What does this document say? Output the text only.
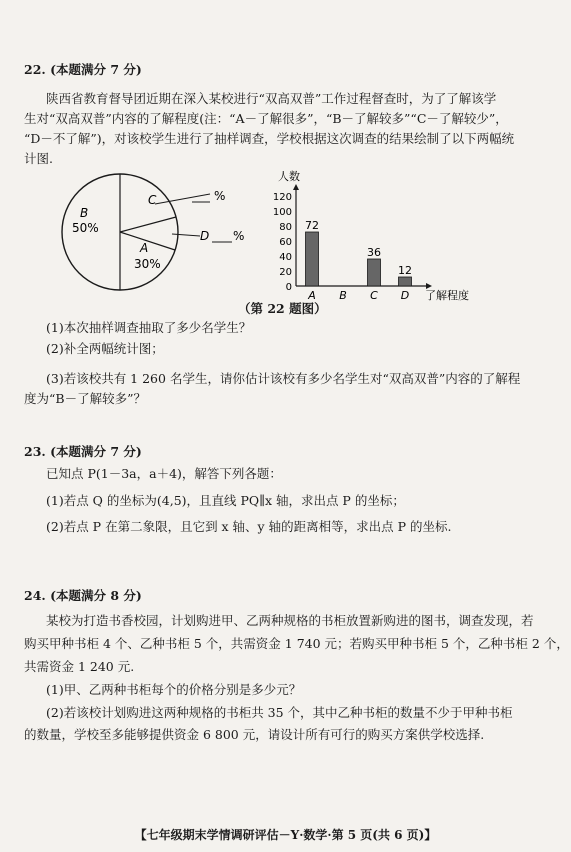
22. (本题满分 7 分)
陕西省教育督导团近期在深入某校进行“双高双普”工作过程督查时，为了了解该学
生对“双高双普”内容的了解程度(注：“A－了解很多”，“B－了解较多”“C－了解较少”，
“D－不了解”)，对该校学生进行了抽样调查，学校根据这次调查的结果绘制了以下两幅统
计图.
B
50%
A
30%
C	%
D %
人数
120
100
80
60
40
20
0
72
A B
36
C
12
D 了解程度
（第 22 题图）
(1)本次抽样调查抽取了多少名学生？
(2)补全两幅统计图；
(3)若该校共有 1 260 名学生，请你估计该校有多少名学生对“双高双普”内容的了解程
度为“B－了解较多”？
23. (本题满分 7 分)
已知点 P(1－3a，a＋4)，解答下列各题：
(1)若点 Q 的坐标为(4,5)，且直线 PQ∥x 轴，求出点 P 的坐标；
(2)若点 P 在第二象限，且它到 x 轴、y 轴的距离相等，求出点 P 的坐标.
24. (本题满分 8 分)
某校为打造书香校园，计划购进甲、乙两种规格的书柜放置新购进的图书，调查发现，若
购买甲种书柜 4 个、乙种书柜 5 个，共需资金 1 740 元；若购买甲种书柜 5 个，乙种书柜 2 个，
共需资金 1 240 元.
(1)甲、乙两种书柜每个的价格分别是多少元？
(2)若该校计划购进这两种规格的书柜共 35 个，其中乙种书柜的数量不少于甲种书柜
的数量，学校至多能够提供资金 6 800 元，请设计所有可行的购买方案供学校选择.
【七年级期末学情调研评估－Y·数学·第 5 页(共 6 页)】
